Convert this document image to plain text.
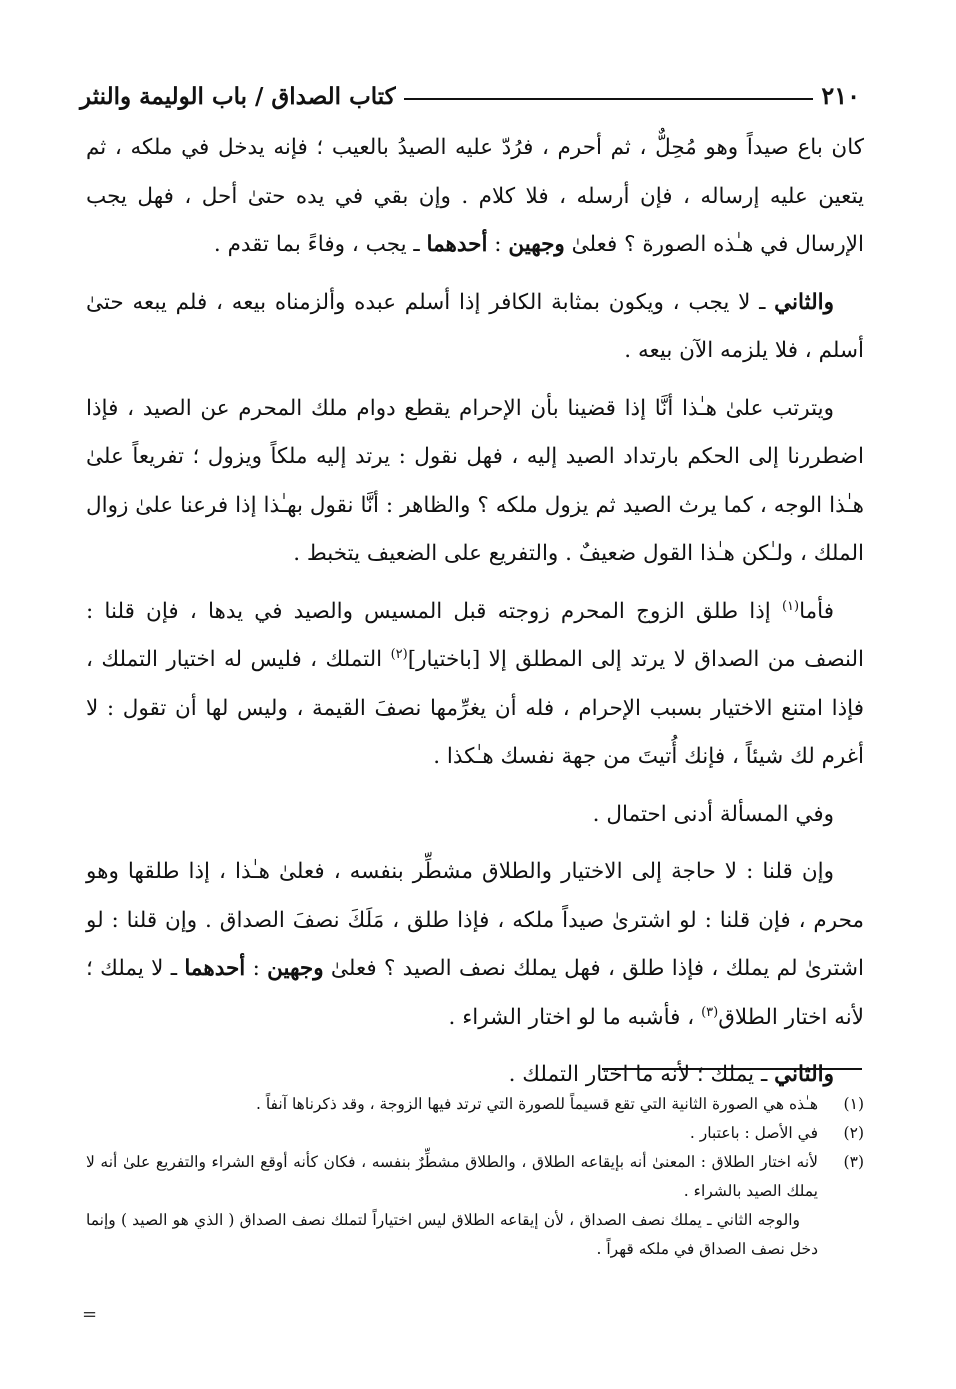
٢١٠
كتاب الصداق / باب الوليمة والنثر

كان باع صيداً وهو مُحِلٌّ ، ثم أحرم ، فرُدّ عليه الصيدُ بالعيب ؛ فإنه يدخل في ملكه ، ثم يتعين عليه إرساله ، فإن أرسله ، فلا كلام . وإن بقي في يده حتىٰ أحل ، فهل يجب الإرسال في هـٰذه الصورة ؟ فعلىٰ وجهين : أحدهما ـ يجب ، وفاءً بما تقدم .

والثاني ـ لا يجب ، ويكون بمثابة الكافر إذا أسلم عبده وألزمناه بيعه ، فلم يبعه حتىٰ أسلم ، فلا يلزمه الآن بيعه .

ويترتب علىٰ هـٰذا أنَّا إذا قضينا بأن الإحرام يقطع دوام ملك المحرم عن الصيد ، فإذا اضطررنا إلى الحكم بارتداد الصيد إليه ، فهل نقول : يرتد إليه ملكاً ويزول ؛ تفريعاً علىٰ هـٰذا الوجه ، كما يرث الصيد ثم يزول ملكه ؟ والظاهر : أنَّا نقول بهـٰذا إذا فرعنا علىٰ زوال الملك ، ولـٰكن هـٰذا القول ضعيفٌ . والتفريع على الضعيف يتخبط .

فأما$^{(١)}$ إذا طلق الزوج المحرم زوجته قبل المسيس والصيد في يدها ، فإن قلنا : النصف من الصداق لا يرتد إلى المطلق إلا [باختيار]$^{(٢)}$ التملك ، فليس له اختيار التملك ، فإذا امتنع الاختيار بسبب الإحرام ، فله أن يغرِّمها نصفَ القيمة ، وليس لها أن تقول : لا أغرم لك شيئاً ، فإنك أُتيتَ من جهة نفسك هـٰكذا .

وفي المسألة أدنى احتمال .

وإن قلنا : لا حاجة إلى الاختيار والطلاق مشطِّر بنفسه ، فعلىٰ هـٰذا ، إذا طلقها وهو محرم ، فإن قلنا : لو اشترىٰ صيداً ملكه ، فإذا طلق ، مَلَكَ نصفَ الصداق . وإن قلنا : لو اشترىٰ لم يملك ، فإذا طلق ، فهل يملك نصف الصيد ؟ فعلىٰ وجهين : أحدهما ـ لا يملك ؛ لأنه اختار الطلاق$^{(٣)}$ ، فأشبه ما لو اختار الشراء .

والثاني ـ يملك ؛ لأنه ما اختار التملك .

(١)
هـٰذه هي الصورة الثانية التي تقع قسيماً للصورة التي ترتد فيها الزوجة ، وقد ذكرناها آنفاً .
(٢)
في الأصل : باعتبار .
(٣)
لأنه اختار الطلاق : المعنىٰ أنه بإيقاعه الطلاق ، والطلاق مشطِّرٌ بنفسه ، فكان كأنه أوقع الشراء والتفريع علىٰ أنه لا يملك الصيد بالشراء .
والوجه الثاني ـ يملك نصف الصداق ، لأن إيقاعه الطلاق ليس اختياراً لتملك نصف الصداق ( الذي هو الصيد ) وإنما دخل نصف الصداق في ملكه قهراً .
=
